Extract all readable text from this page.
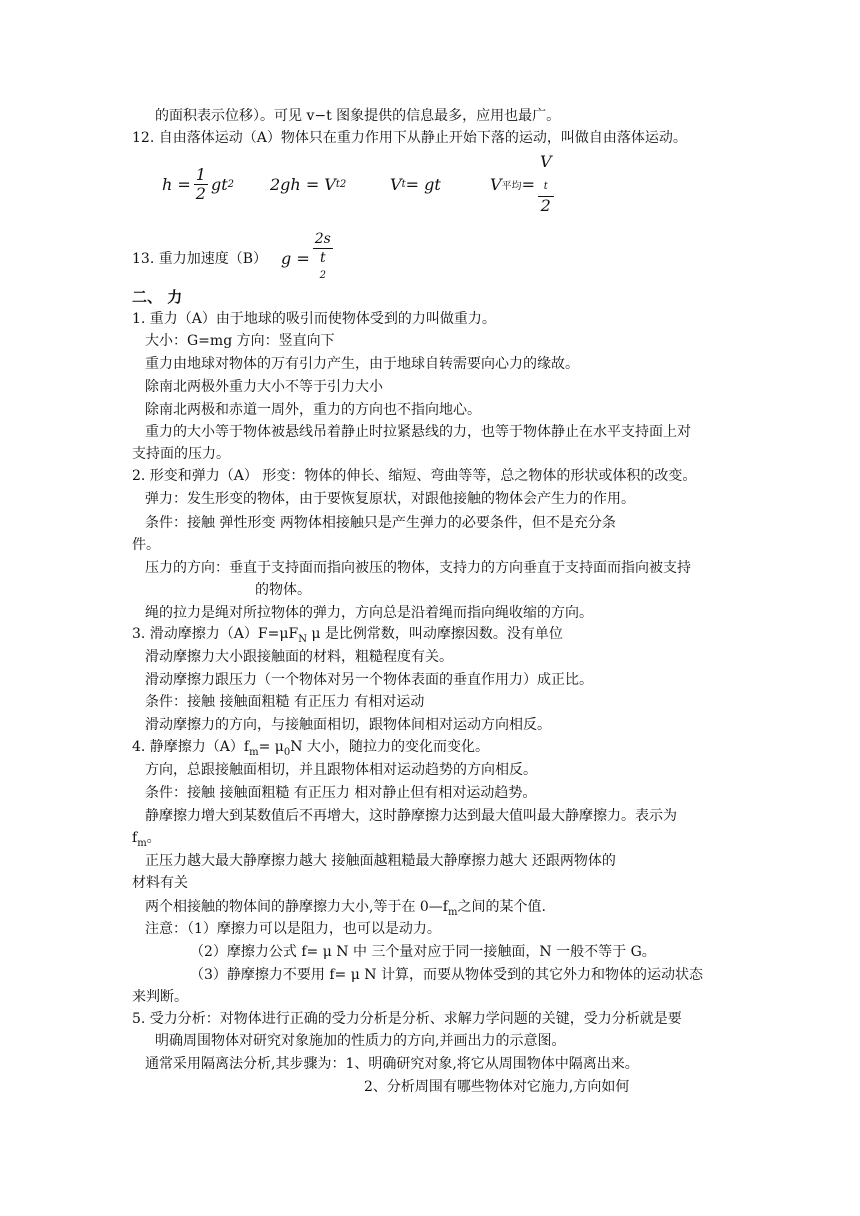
的面积表示位移）。可见 v−t 图象提供的信息最多，应用也最广。
12. 自由落体运动（A）物体只在重力作用下从静止开始下落的运动，叫做自由落体运动。
$h = \frac{1}{2}$ gt 2 2gh = V t 2	V t = gt	V 平均 = V
$_t$
2
13. 重力加速度（B） g = 2s
t
$^2$
二、 力
1. 重力（A）由于地球的吸引而使物体受到的力叫做重力。
大小：G=mg 方向：竖直向下
重力由地球对物体的万有引力产生，由于地球自转需要向心力的缘故。
除南北两极外重力大小不等于引力大小
除南北两极和赤道一周外，重力的方向也不指向地心。
重力的大小等于物体被悬线吊着静止时拉紧悬线的力，也等于物体静止在水平支持面上对
支持面的压力。
2. 形变和弹力（A） 形变：物体的伸长、缩短、弯曲等等，总之物体的形状或体积的改变。
弹力：发生形变的物体，由于要恢复原状，对跟他接触的物体会产生力的作用。
条件：接触 弹性形变 两物体相接触只是产生弹力的必要条件，但不是充分条
件。
压力的方向：垂直于支持面而指向被压的物体，支持力的方向垂直于支持面而指向被支持
的物体。
绳的拉力是绳对所拉物体的弹力，方向总是沿着绳而指向绳收缩的方向。
3. 滑动摩擦力$(A)F=\mu F_N$ μ 是比例常数，叫动摩擦因数。没有单位
滑动摩擦力大小跟接触面的材料，粗糙程度有关。
滑动摩擦力跟压力（一个物体对另一个物体表面的垂直作用力）成正比。
条件：接触 接触面粗糙 有正压力 有相对运动
滑动摩擦力的方向，与接触面相切，跟物体间相对运动方向相反。
4. 静摩擦力$(A)f_m= \mu_0N$ 大小，随拉力的变化而变化。
方向，总跟接触面相切，并且跟物体相对运动趋势的方向相反。
条件：接触 接触面粗糙 有正压力 相对静止但有相对运动趋势。
静摩擦力增大到某数值后不再增大，这时静摩擦力达到最大值叫最大静摩擦力。表示为
$f_m$。
正压力越大最大静摩擦力越大 接触面越粗糙最大静摩擦力越大 还跟两物体的
材料有关
两个相接触的物体间的静摩擦力大小,等于在 $0—f_m$之间的某个值.
注意：（1）摩擦力可以是阻力，也可以是动力。
（2）摩擦力公式 f= μ N 中 三个量对应于同一接触面，N 一般不等于 G。
（3）静摩擦力不要用 f= μ N 计算，而要从物体受到的其它外力和物体的运动状态
来判断。
5. 受力分析：对物体进行正确的受力分析是分析、求解力学问题的关键，受力分析就是要
明确周围物体对研究对象施加的性质力的方向,并画出力的示意图。
通常采用隔离法分析,其步骤为：1、明确研究对象,将它从周围物体中隔离出来。
2、分析周围有哪些物体对它施力,方向如何
